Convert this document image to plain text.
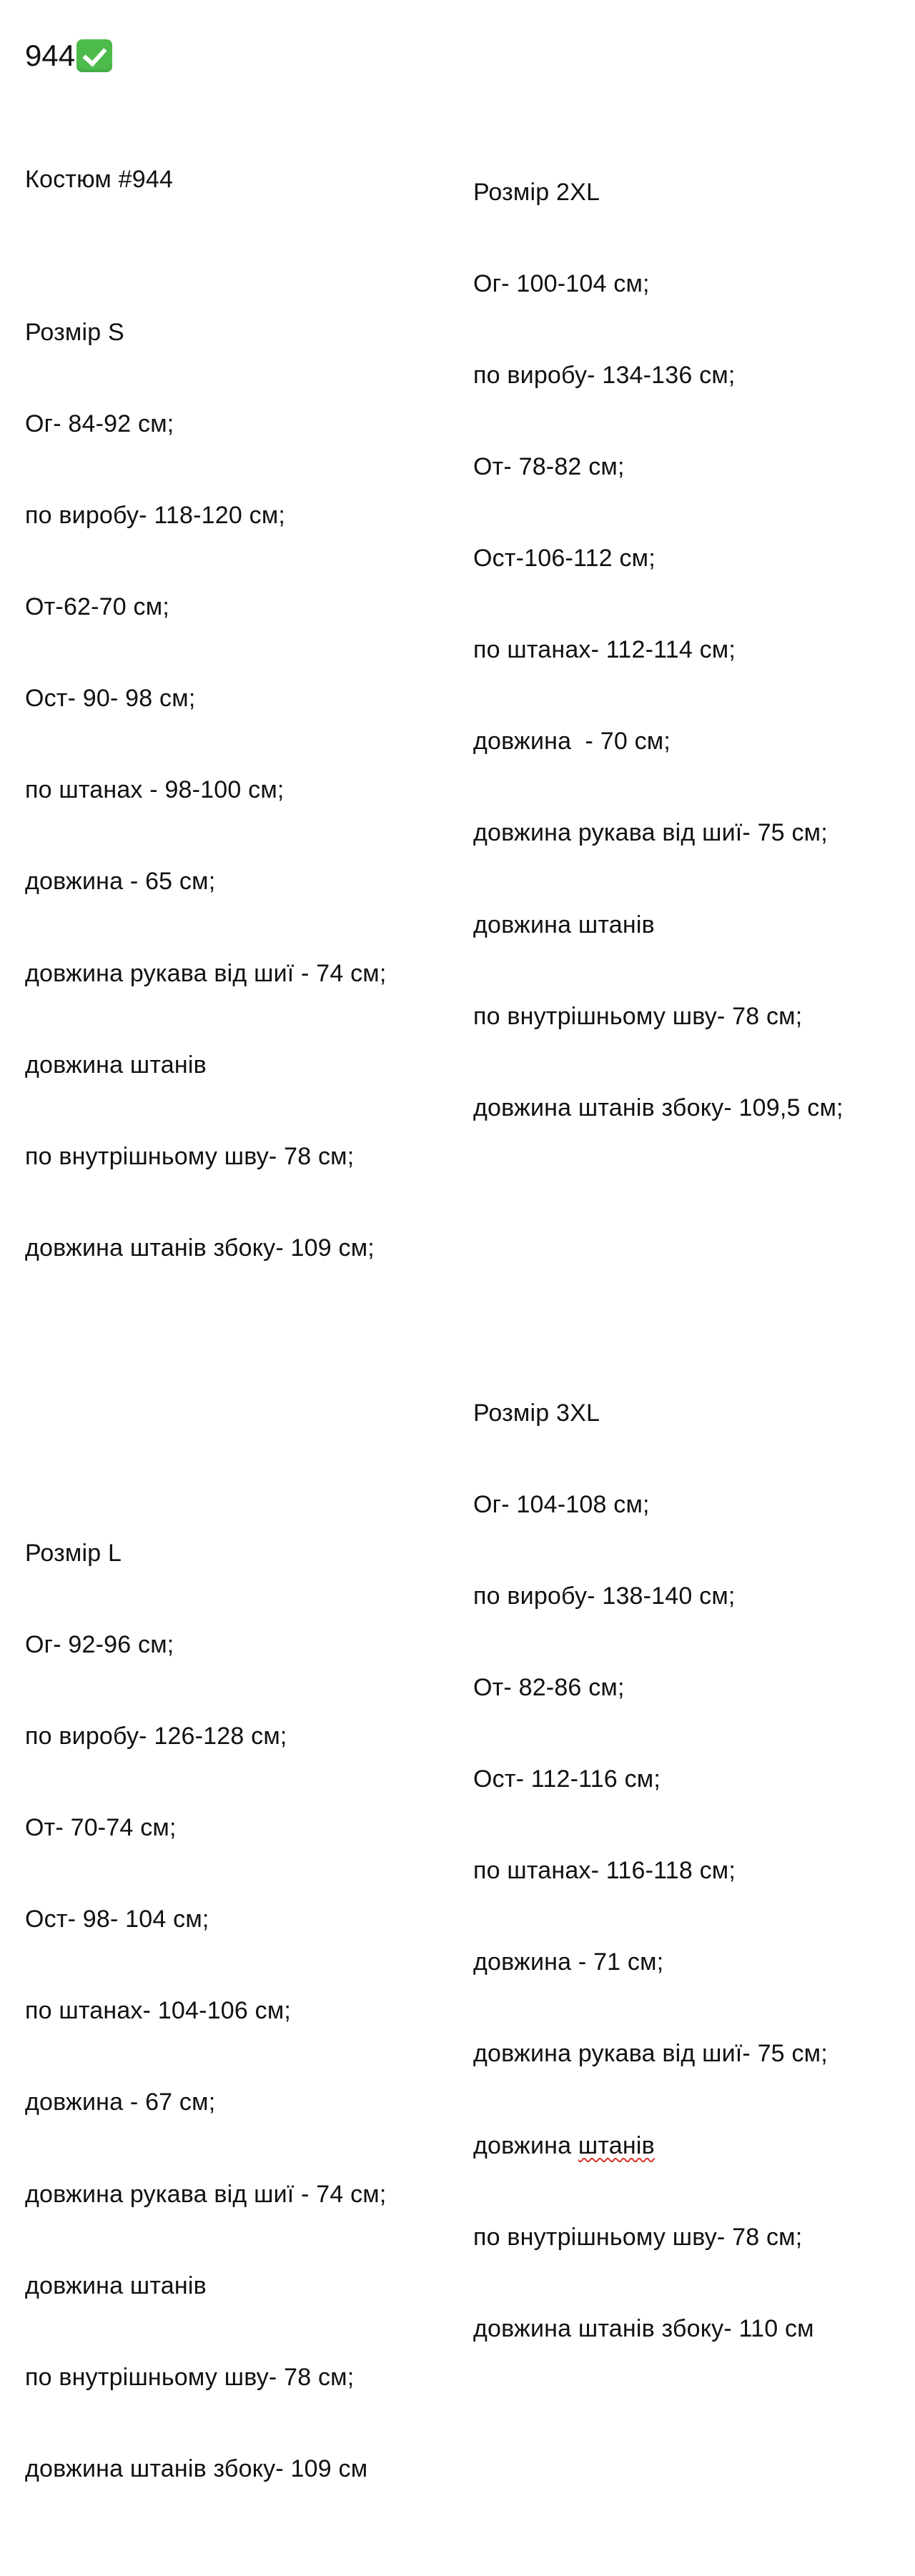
944

Костюм #944

Розмір S

Ог- 84-92 см;

по виробу- 118-120 см;

От-62-70 см;

Ост- 90- 98 см;

по штанах - 98-100 см;

довжина - 65 см;

довжина рукава від шиї - 74 см;

довжина штанів

по внутрішньому шву- 78 см;

довжина штанів збоку- 109 см;

Розмір L

Ог- 92-96 см;

по виробу- 126-128 см;

От- 70-74 см;

Ост- 98- 104 см;

по штанах- 104-106 см;

довжина - 67 см;

довжина рукава від шиї - 74 см;

довжина штанів

по внутрішньому шву- 78 см;

довжина штанів збоку- 109 см

Розмір 2XL

Ог- 100-104 см;

по виробу- 134-136 см;

От- 78-82 см;

Ост-106-112 см;

по штанах- 112-114 см;

довжина  - 70 см;

довжина рукава від шиї- 75 см;

довжина штанів

по внутрішньому шву- 78 см;

довжина штанів збоку- 109,5 см;

Розмір 3XL

Ог- 104-108 см;

по виробу- 138-140 см;

От- 82-86 см;

Ост- 112-116 см;

по штанах- 116-118 см;

довжина - 71 см;

довжина рукава від шиї- 75 см;

довжина штанів

по внутрішньому шву- 78 см;

довжина штанів збоку- 110 см
